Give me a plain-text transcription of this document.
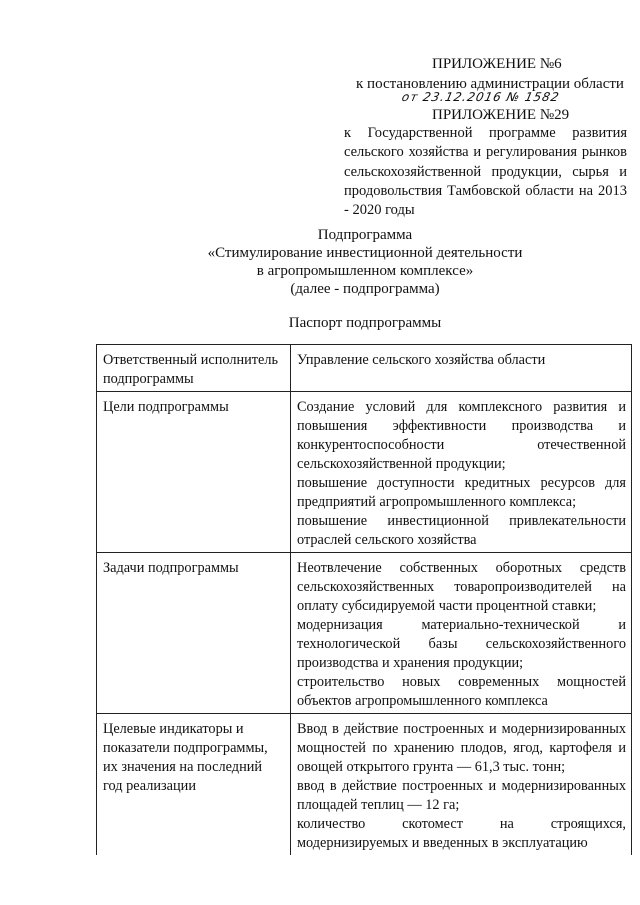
ПРИЛОЖЕНИЕ №6
к постановлению администрации области
от 23.12.2016 № 1582
ПРИЛОЖЕНИЕ №29
к Государственной программе развития сельского хозяйства и регулирования рынков сельскохозяйственной продукции, сырья и продовольствия Тамбовской области на 2013 - 2020 годы
Подпрограмма
«Стимулирование инвестиционной деятельности
в агропромышленном комплексе»
(далее - подпрограмма)
Паспорт подпрограммы
Ответственный исполнитель подпрограммы	Управление сельского хозяйства области

Цели подпрограммы	Создание условий для комплексного развития и повышения эффективности производства и конкурентоспособности отечественной сельскохозяйственной продукции;
повышение доступности кредитных ресурсов для предприятий агропромышленного комплекса;
повышение инвестиционной привлекательности отраслей сельского хозяйства

Задачи подпрограммы	Неотвлечение собственных оборотных средств сельскохозяйственных товаропроизводителей на оплату субсидируемой части процентной ставки;
модернизация материально-технической и технологической базы сельскохозяйственного производства и хранения продукции;
строительство новых современных мощностей объектов агропромышленного комплекса

Целевые индикаторы и показатели подпрограммы, их значения на последний год реализации	Ввод в действие построенных и модернизированных мощностей по хранению плодов, ягод, картофеля и овощей открытого грунта — 61,3 тыс. тонн;
ввод в действие построенных и модернизированных площадей теплиц — 12 га;
количество скотомест на строящихся, модернизируемых и введенных в эксплуатацию
